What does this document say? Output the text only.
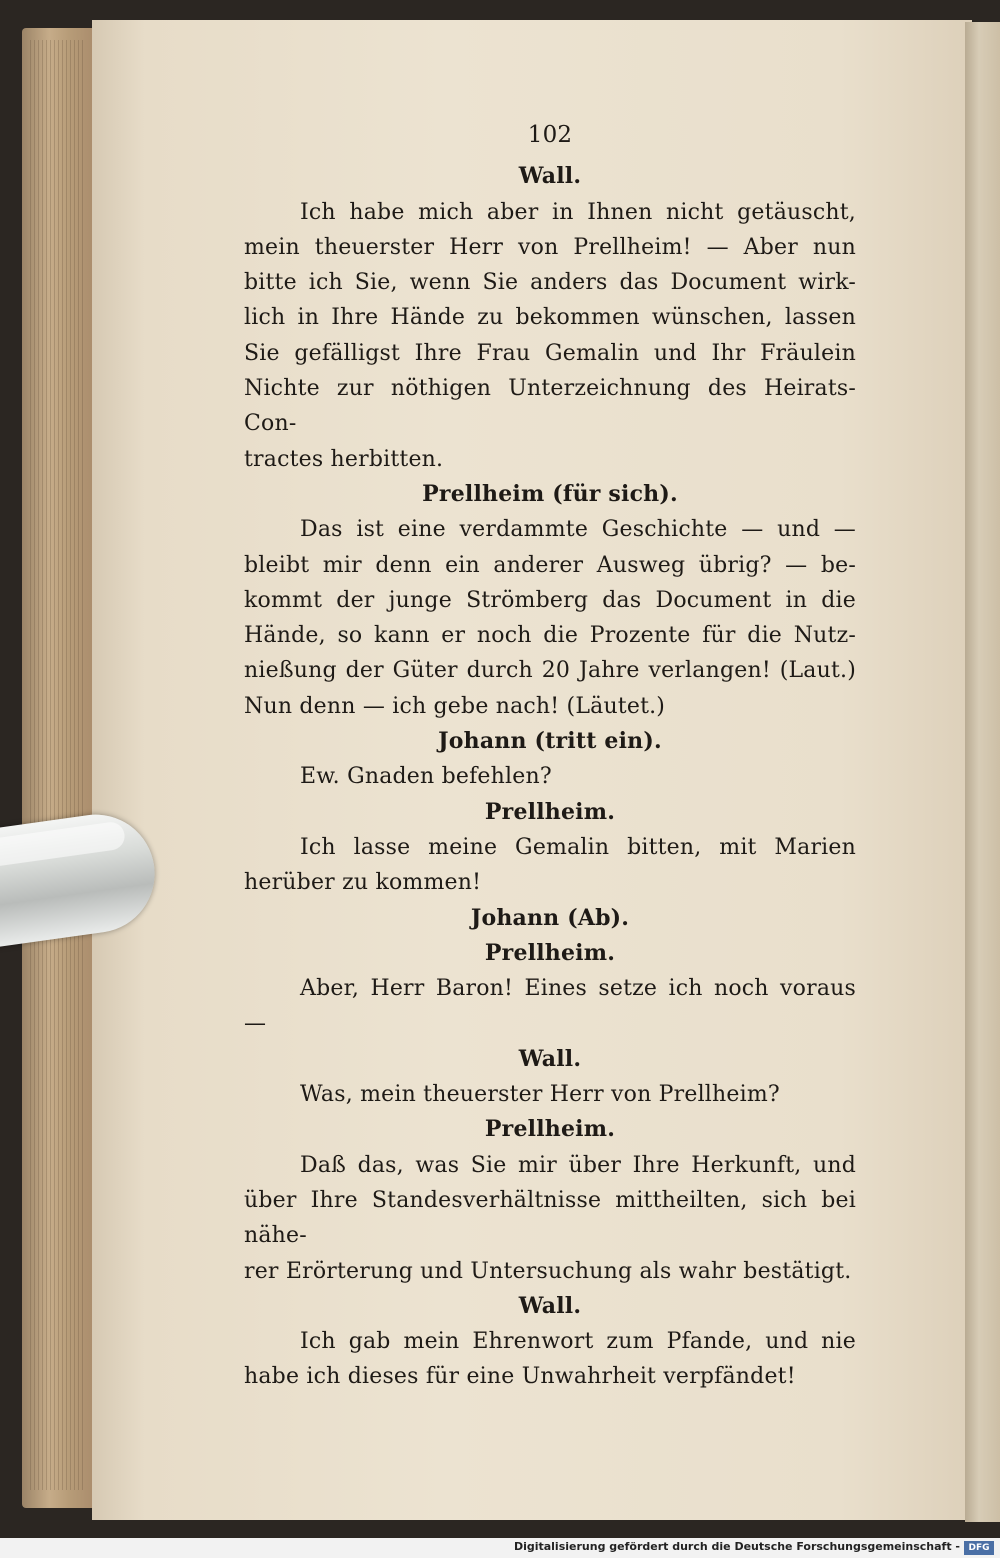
102
Wall.
Ich habe mich aber in Ihnen nicht getäuscht,
mein theuerster Herr von Prellheim! — Aber nun
bitte ich Sie, wenn Sie anders das Document wirk-
lich in Ihre Hände zu bekommen wünschen, lassen
Sie gefälligst Ihre Frau Gemalin und Ihr Fräulein
Nichte zur nöthigen Unterzeichnung des Heirats-Con-
tractes herbitten.
Prellheim (für sich).
Das ist eine verdammte Geschichte — und —
bleibt mir denn ein anderer Ausweg übrig? — be-
kommt der junge Strömberg das Document in die
Hände, so kann er noch die Prozente für die Nutz-
nießung der Güter durch 20 Jahre verlangen! (Laut.)
Nun denn — ich gebe nach! (Läutet.)
Johann (tritt ein).
Ew. Gnaden befehlen?
Prellheim.
Ich lasse meine Gemalin bitten, mit Marien
herüber zu kommen!
Johann (Ab).
Prellheim.
Aber, Herr Baron! Eines setze ich noch voraus —
Wall.
Was, mein theuerster Herr von Prellheim?
Prellheim.
Daß das, was Sie mir über Ihre Herkunft, und
über Ihre Standesverhältnisse mittheilten, sich bei nähe-
rer Erörterung und Untersuchung als wahr bestätigt.
Wall.
Ich gab mein Ehrenwort zum Pfande, und nie
habe ich dieses für eine Unwahrheit verpfändet!
Digitalisierung gefördert durch die Deutsche Forschungsgemeinschaft - DFG
